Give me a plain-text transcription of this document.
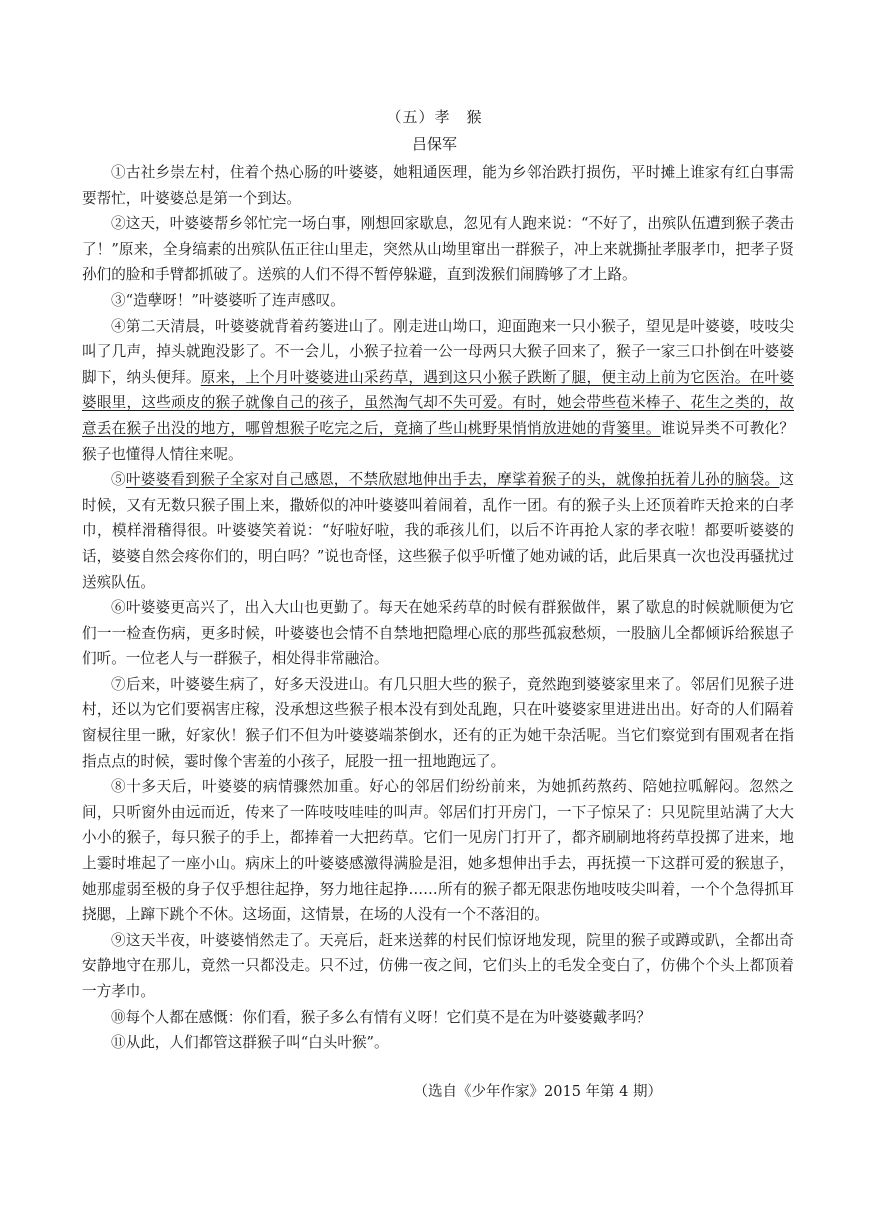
（五）孝　猴
吕保军

①古社乡崇左村，住着个热心肠的叶婆婆，她粗通医理，能为乡邻治跌打损伤，平时摊上谁家有红白事需要帮忙，叶婆婆总是第一个到达。

②这天，叶婆婆帮乡邻忙完一场白事，刚想回家歇息，忽见有人跑来说：“不好了，出殡队伍遭到猴子袭击了！”原来，全身缟素的出殡队伍正往山里走，突然从山坳里窜出一群猴子，冲上来就撕扯孝服孝巾，把孝子贤孙们的脸和手臂都抓破了。送殡的人们不得不暂停躲避，直到泼猴们闹腾够了才上路。

③“造孽呀！”叶婆婆听了连声感叹。

④第二天清晨，叶婆婆就背着药篓进山了。刚走进山坳口，迎面跑来一只小猴子，望见是叶婆婆，吱吱尖叫了几声，掉头就跑没影了。不一会儿，小猴子拉着一公一母两只大猴子回来了，猴子一家三口扑倒在叶婆婆脚下，纳头便拜。原来，上个月叶婆婆进山采药草，遇到这只小猴子跌断了腿，便主动上前为它医治。在叶婆婆眼里，这些顽皮的猴子就像自己的孩子，虽然淘气却不失可爱。有时，她会带些苞米棒子、花生之类的，故意丢在猴子出没的地方，哪曾想猴子吃完之后，竟摘了些山桃野果悄悄放进她的背篓里。谁说异类不可教化？猴子也懂得人情往来呢。

⑤叶婆婆看到猴子全家对自己感恩，不禁欣慰地伸出手去，摩挲着猴子的头，就像拍抚着儿孙的脑袋。这时候，又有无数只猴子围上来，撒娇似的冲叶婆婆叫着闹着，乱作一团。有的猴子头上还顶着昨天抢来的白孝巾，模样滑稽得很。叶婆婆笑着说：“好啦好啦，我的乖孩儿们，以后不许再抢人家的孝衣啦！都要听婆婆的话，婆婆自然会疼你们的，明白吗？”说也奇怪，这些猴子似乎听懂了她劝诫的话，此后果真一次也没再骚扰过送殡队伍。

⑥叶婆婆更高兴了，出入大山也更勤了。每天在她采药草的时候有群猴做伴，累了歇息的时候就顺便为它们一一检查伤病，更多时候，叶婆婆也会情不自禁地把隐埋心底的那些孤寂愁烦，一股脑儿全都倾诉给猴崽子们听。一位老人与一群猴子，相处得非常融洽。

⑦后来，叶婆婆生病了，好多天没进山。有几只胆大些的猴子，竟然跑到婆婆家里来了。邻居们见猴子进村，还以为它们要祸害庄稼，没承想这些猴子根本没有到处乱跑，只在叶婆婆家里进进出出。好奇的人们隔着窗棂往里一瞅，好家伙！猴子们不但为叶婆婆端茶倒水，还有的正为她干杂活呢。当它们察觉到有围观者在指指点点的时候，霎时像个害羞的小孩子，屁股一扭一扭地跑远了。

⑧十多天后，叶婆婆的病情骤然加重。好心的邻居们纷纷前来，为她抓药熬药、陪她拉呱解闷。忽然之间，只听窗外由远而近，传来了一阵吱吱哇哇的叫声。邻居们打开房门，一下子惊呆了：只见院里站满了大大小小的猴子，每只猴子的手上，都捧着一大把药草。它们一见房门打开了，都齐刷刷地将药草投掷了进来，地上霎时堆起了一座小山。病床上的叶婆婆感激得满脸是泪，她多想伸出手去，再抚摸一下这群可爱的猴崽子，她那虚弱至极的身子仅乎想往起挣，努力地往起挣……所有的猴子都无限悲伤地吱吱尖叫着，一个个急得抓耳挠腮，上蹿下跳个不休。这场面，这情景，在场的人没有一个不落泪的。

⑨这天半夜，叶婆婆悄然走了。天亮后，赶来送葬的村民们惊讶地发现，院里的猴子或蹲或趴，全都出奇安静地守在那儿，竟然一只都没走。只不过，仿佛一夜之间，它们头上的毛发全变白了，仿佛个个头上都顶着一方孝巾。

⑩每个人都在感慨：你们看，猴子多么有情有义呀！它们莫不是在为叶婆婆戴孝吗？

⑪从此，人们都管这群猴子叫“白头叶猴”。

（选自《少年作家》2015 年第 4 期）
